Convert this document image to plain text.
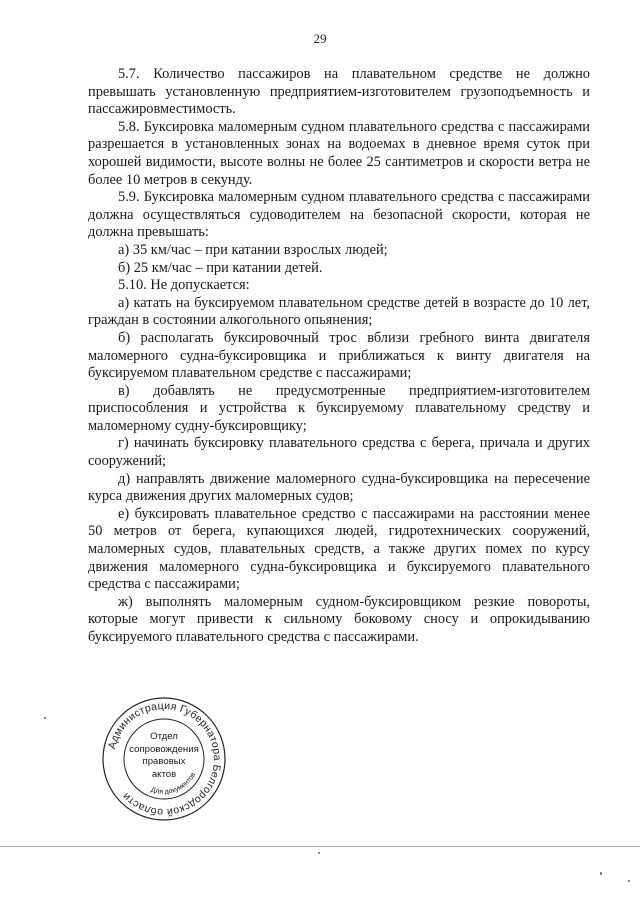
29

5.7. Количество пассажиров на плавательном средстве не должно превышать установленную предприятием-изготовителем грузоподъемность и пассажировместимость.

5.8. Буксировка маломерным судном плавательного средства с пассажирами разрешается в установленных зонах на водоемах в дневное время суток при хорошей видимости, высоте волны не более 25 сантиметров и скорости ветра не более 10 метров в секунду.

5.9. Буксировка маломерным судном плавательного средства с пассажирами должна осуществляться судоводителем на безопасной скорости, которая не должна превышать:

а) 35 км/час – при катании взрослых людей;

б) 25 км/час – при катании детей.

5.10. Не допускается:

а) катать на буксируемом плавательном средстве детей в возрасте до 10 лет, граждан в состоянии алкогольного опьянения;

б) располагать буксировочный трос вблизи гребного винта двигателя маломерного судна-буксировщика и приближаться к винту двигателя на буксируемом плавательном средстве с пассажирами;

в) добавлять не предусмотренные предприятием-изготовителем приспособления и устройства к буксируемому плавательному средству и маломерному судну-буксировщику;

г) начинать буксировку плавательного средства с берега, причала и других сооружений;

д) направлять движение маломерного судна-буксировщика на пересечение курса движения других маломерных судов;

е) буксировать плавательное средство с пассажирами на расстоянии менее 50 метров от берега, купающихся людей, гидротехнических сооружений, маломерных судов, плавательных средств, а также других помех по курсу движения маломерного судна-буксировщика и буксируемого плавательного средства с пассажирами;

ж) выполнять маломерным судном-буксировщиком резкие повороты, которые могут привести к сильному боковому сносу и опрокидыванию буксируемого плавательного средства с пассажирами.

Администрация Губернатора Белгородской области	Для документов
Отдел
сопровождения
правовых
актов
